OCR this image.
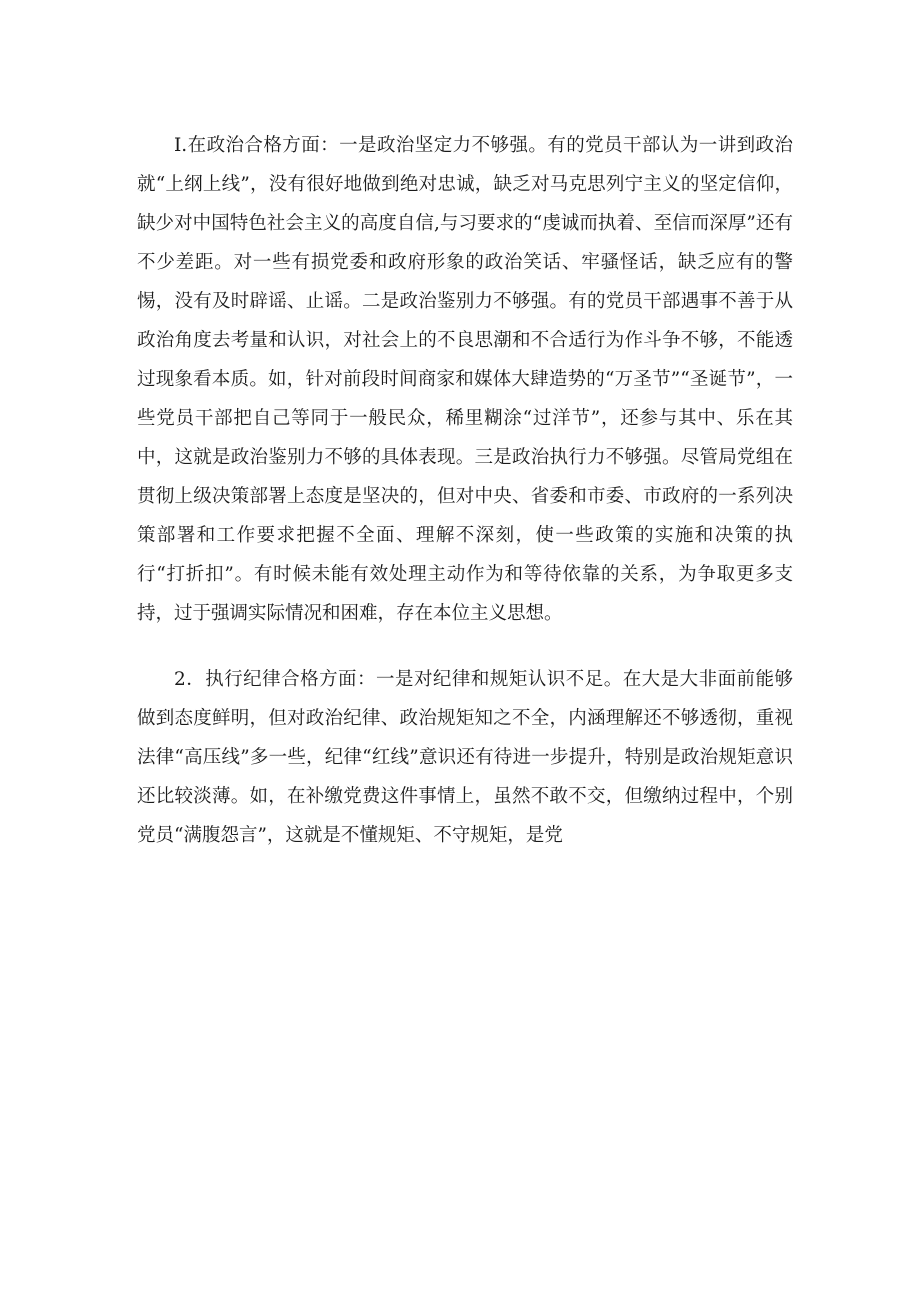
I.在政治合格方面：一是政治坚定力不够强。有的党员干部认为一讲到政治就“上纲上线”，没有很好地做到绝对忠诚，缺乏对马克思列宁主义的坚定信仰，缺少对中国特色社会主义的高度自信,与习要求的“虔诚而执着、至信而深厚”还有不少差距。对一些有损党委和政府形象的政治笑话、牢骚怪话，缺乏应有的警惕，没有及时辟谣、止谣。二是政治鉴别力不够强。有的党员干部遇事不善于从政治角度去考量和认识，对社会上的不良思潮和不合适行为作斗争不够，不能透过现象看本质。如，针对前段时间商家和媒体大肆造势的“万圣节”“圣诞节”，一些党员干部把自己等同于一般民众，稀里糊涂“过洋节”，还参与其中、乐在其中，这就是政治鉴别力不够的具体表现。三是政治执行力不够强。尽管局党组在贯彻上级决策部署上态度是坚决的，但对中央、省委和市委、市政府的一系列决策部署和工作要求把握不全面、理解不深刻，使一些政策的实施和决策的执行“打折扣”。有时候未能有效处理主动作为和等待依靠的关系，为争取更多支持，过于强调实际情况和困难，存在本位主义思想。

2．执行纪律合格方面：一是对纪律和规矩认识不足。在大是大非面前能够做到态度鲜明，但对政治纪律、政治规矩知之不全，内涵理解还不够透彻，重视法律“高压线”多一些，纪律“红线”意识还有待进一步提升，特别是政治规矩意识还比较淡薄。如，在补缴党费这件事情上，虽然不敢不交，但缴纳过程中，个别党员“满腹怨言”，这就是不懂规矩、不守规矩，是党
